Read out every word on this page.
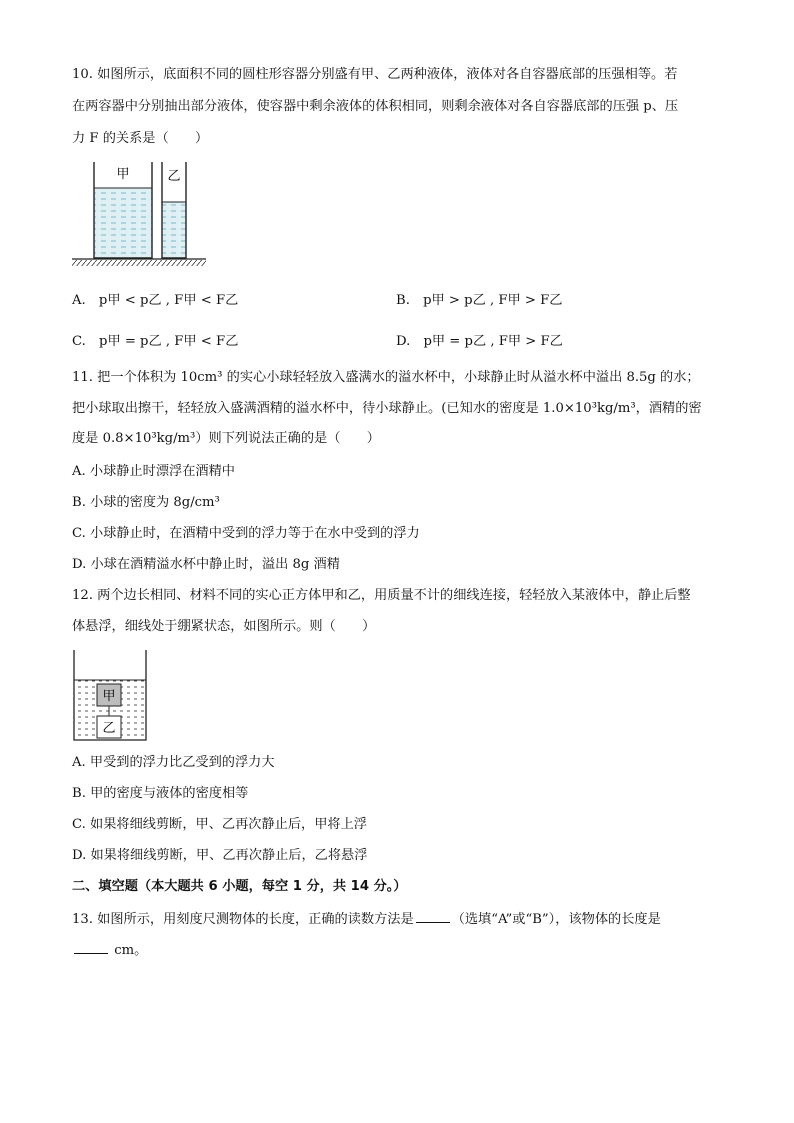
10. 如图所示，底面积不同的圆柱形容器分别盛有甲、乙两种液体，液体对各自容器底部的压强相等。若
在两容器中分别抽出部分液体，使容器中剩余液体的体积相同，则剩余液体对各自容器底部的压强 p、压
力 F 的关系是（　　）
甲	乙
A.　p甲 < p乙 , F甲 < F乙	B.　p甲 > p乙 , F甲 > F乙
C.　p甲 = p乙 , F甲 < F乙	D.　p甲 = p乙 , F甲 > F乙
11. 把一个体积为 10cm³ 的实心小球轻轻放入盛满水的溢水杯中，小球静止时从溢水杯中溢出 8.5g 的水；
把小球取出擦干，轻轻放入盛满酒精的溢水杯中，待小球静止。(已知水的密度是 1.0×10³kg/m³，酒精的密
度是 0.8×10³kg/m³）则下列说法正确的是（　　）
A. 小球静止时漂浮在酒精中
B. 小球的密度为 8g/cm³
C. 小球静止时，在酒精中受到的浮力等于在水中受到的浮力
D. 小球在酒精溢水杯中静止时，溢出 8g 酒精
12. 两个边长相同、材料不同的实心正方体甲和乙，用质量不计的细线连接，轻轻放入某液体中，静止后整
体悬浮，细线处于绷紧状态，如图所示。则（　　）
甲
乙
A. 甲受到的浮力比乙受到的浮力大
B. 甲的密度与液体的密度相等
C. 如果将细线剪断，甲、乙再次静止后，甲将上浮
D. 如果将细线剪断，甲、乙再次静止后，乙将悬浮
二、填空题（本大题共 6 小题，每空 1 分，共 14 分。）
13. 如图所示，用刻度尺测物体的长度，正确的读数方法是	（选填“A”或“B”），该物体的长度是
cm。
